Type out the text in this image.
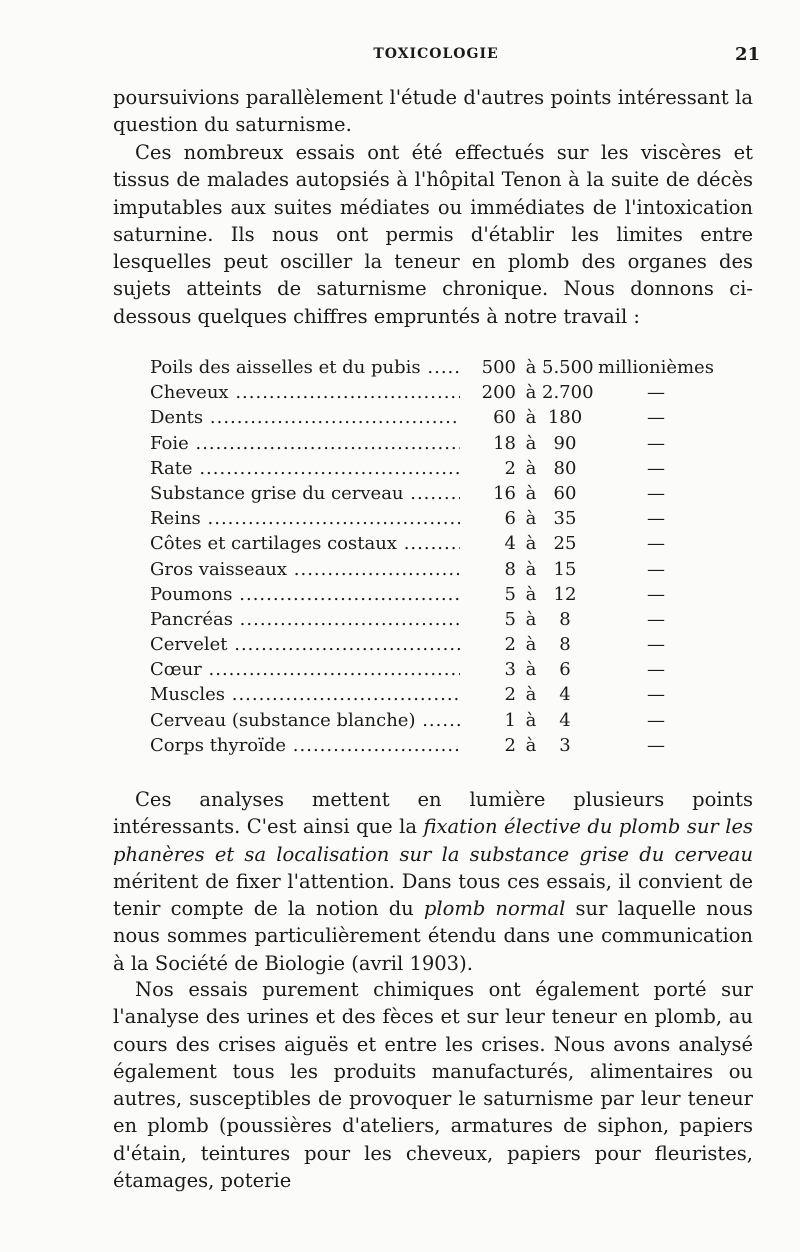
TOXICOLOGIE	21

poursuivions parallèlement l'étude d'autres points intéressant la question du saturnisme.

Ces nombreux essais ont été effectués sur les viscères et tissus de malades autopsiés à l'hôpital Tenon à la suite de décès imputables aux suites médiates ou immédiates de l'intoxication saturnine. Ils nous ont permis d'établir les limites entre lesquelles peut osciller la teneur en plomb des organes des sujets atteints de saturnisme chronique. Nous donnons ci-dessous quelques chiffres empruntés à notre travail :

Poils des aisselles et du pubis .....	500 à 5.500 millionièmes
Cheveux .....	200 à 2.700	—
Dents .....	60 à 180	—
Foie .....	18 à 90	—
Rate .....	2 à 80	—
Substance grise du cerveau .....	16 à 60	—
Reins .....	6 à 35	—
Côtes et cartilages costaux .....	4 à 25	—
Gros vaisseaux .....	8 à 15	—
Poumons .....	5 à 12	—
Pancréas .....	5 à	8	—
Cervelet .....	2 à	8	—
Cœur .....	3 à	6	—
Muscles .....	2 à	4	—
Cerveau (substance blanche) .....	1 à	4	—
Corps thyroïde .....	2 à	3	—

Ces analyses mettent en lumière plusieurs points intéressants. C'est ainsi que la fixation élective du plomb sur les phanères et sa localisation sur la substance grise du cerveau méritent de fixer l'attention. Dans tous ces essais, il convient de tenir compte de la notion du plomb normal sur laquelle nous nous sommes particulièrement étendu dans une communication à la Société de Biologie (avril 1903).

Nos essais purement chimiques ont également porté sur l'analyse des urines et des fèces et sur leur teneur en plomb, au cours des crises aiguës et entre les crises. Nous avons analysé également tous les produits manufacturés, alimentaires ou autres, susceptibles de provoquer le saturnisme par leur teneur en plomb (poussières d'ateliers, armatures de siphon, papiers d'étain, teintures pour les cheveux, papiers pour fleuristes, étamages, poterie
